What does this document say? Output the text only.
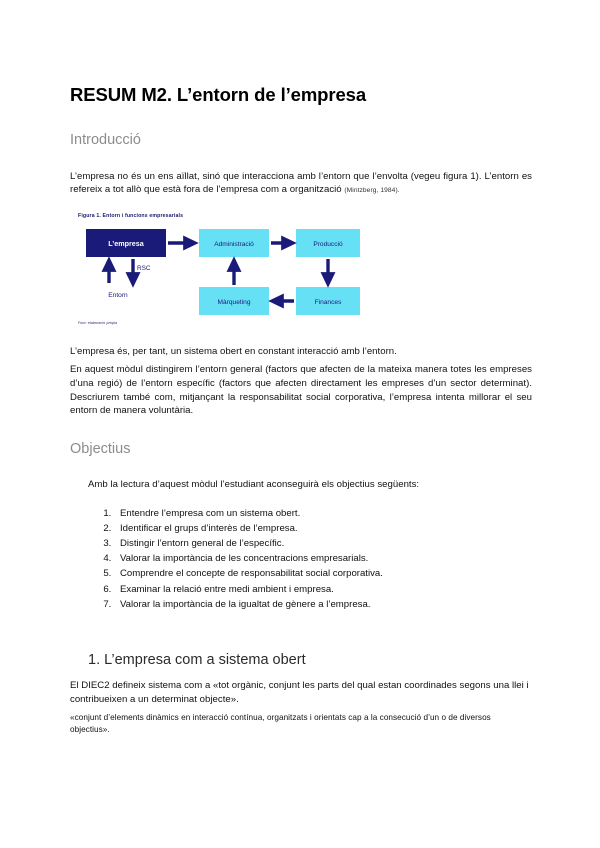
RESUM M2. L’entorn de l’empresa
Introducció

L’empresa no és un ens aïllat, sinó que interacciona amb l’entorn que l’envolta (vegeu figura 1). L’entorn es refereix a tot allò que està fora de l’empresa com a organització (Mintzberg, 1984).

Figura 1. Entorn i funcions empresarials
L’empresa	Administració	Producció
Màrqueting	Finances
RSC
Entorn
Font: elaboració pròpia

L’empresa és, per tant, un sistema obert en constant interacció amb l’entorn.

En aquest mòdul distingirem l’entorn general (factors que afecten de la mateixa manera totes les empreses d’una regió) de l’entorn específic (factors que afecten directament les empreses d’un sector determinat). Descriurem també com, mitjançant la responsabilitat social corporativa, l’empresa intenta millorar el seu entorn de manera voluntària.

Objectius

Amb la lectura d’aquest mòdul l’estudiant aconseguirà els objectius següents:

1. Entendre l’empresa com un sistema obert.
2. Identificar el grups d’interès de l’empresa.
3. Distingir l’entorn general de l’específic.
4. Valorar la importància de les concentracions empresarials.
5. Comprendre el concepte de responsabilitat social corporativa.
6. Examinar la relació entre medi ambient i empresa.
7. Valorar la importància de la igualtat de gènere a l’empresa.
1. L’empresa com a sistema obert

El DIEC2 defineix sistema com a «tot orgànic, conjunt les parts del qual estan coordinades segons una llei i contribueixen a un determinat objecte».

«conjunt d’elements dinàmics en interacció contínua, organitzats i orientats cap a la consecució d’un o de diversos objectius».
